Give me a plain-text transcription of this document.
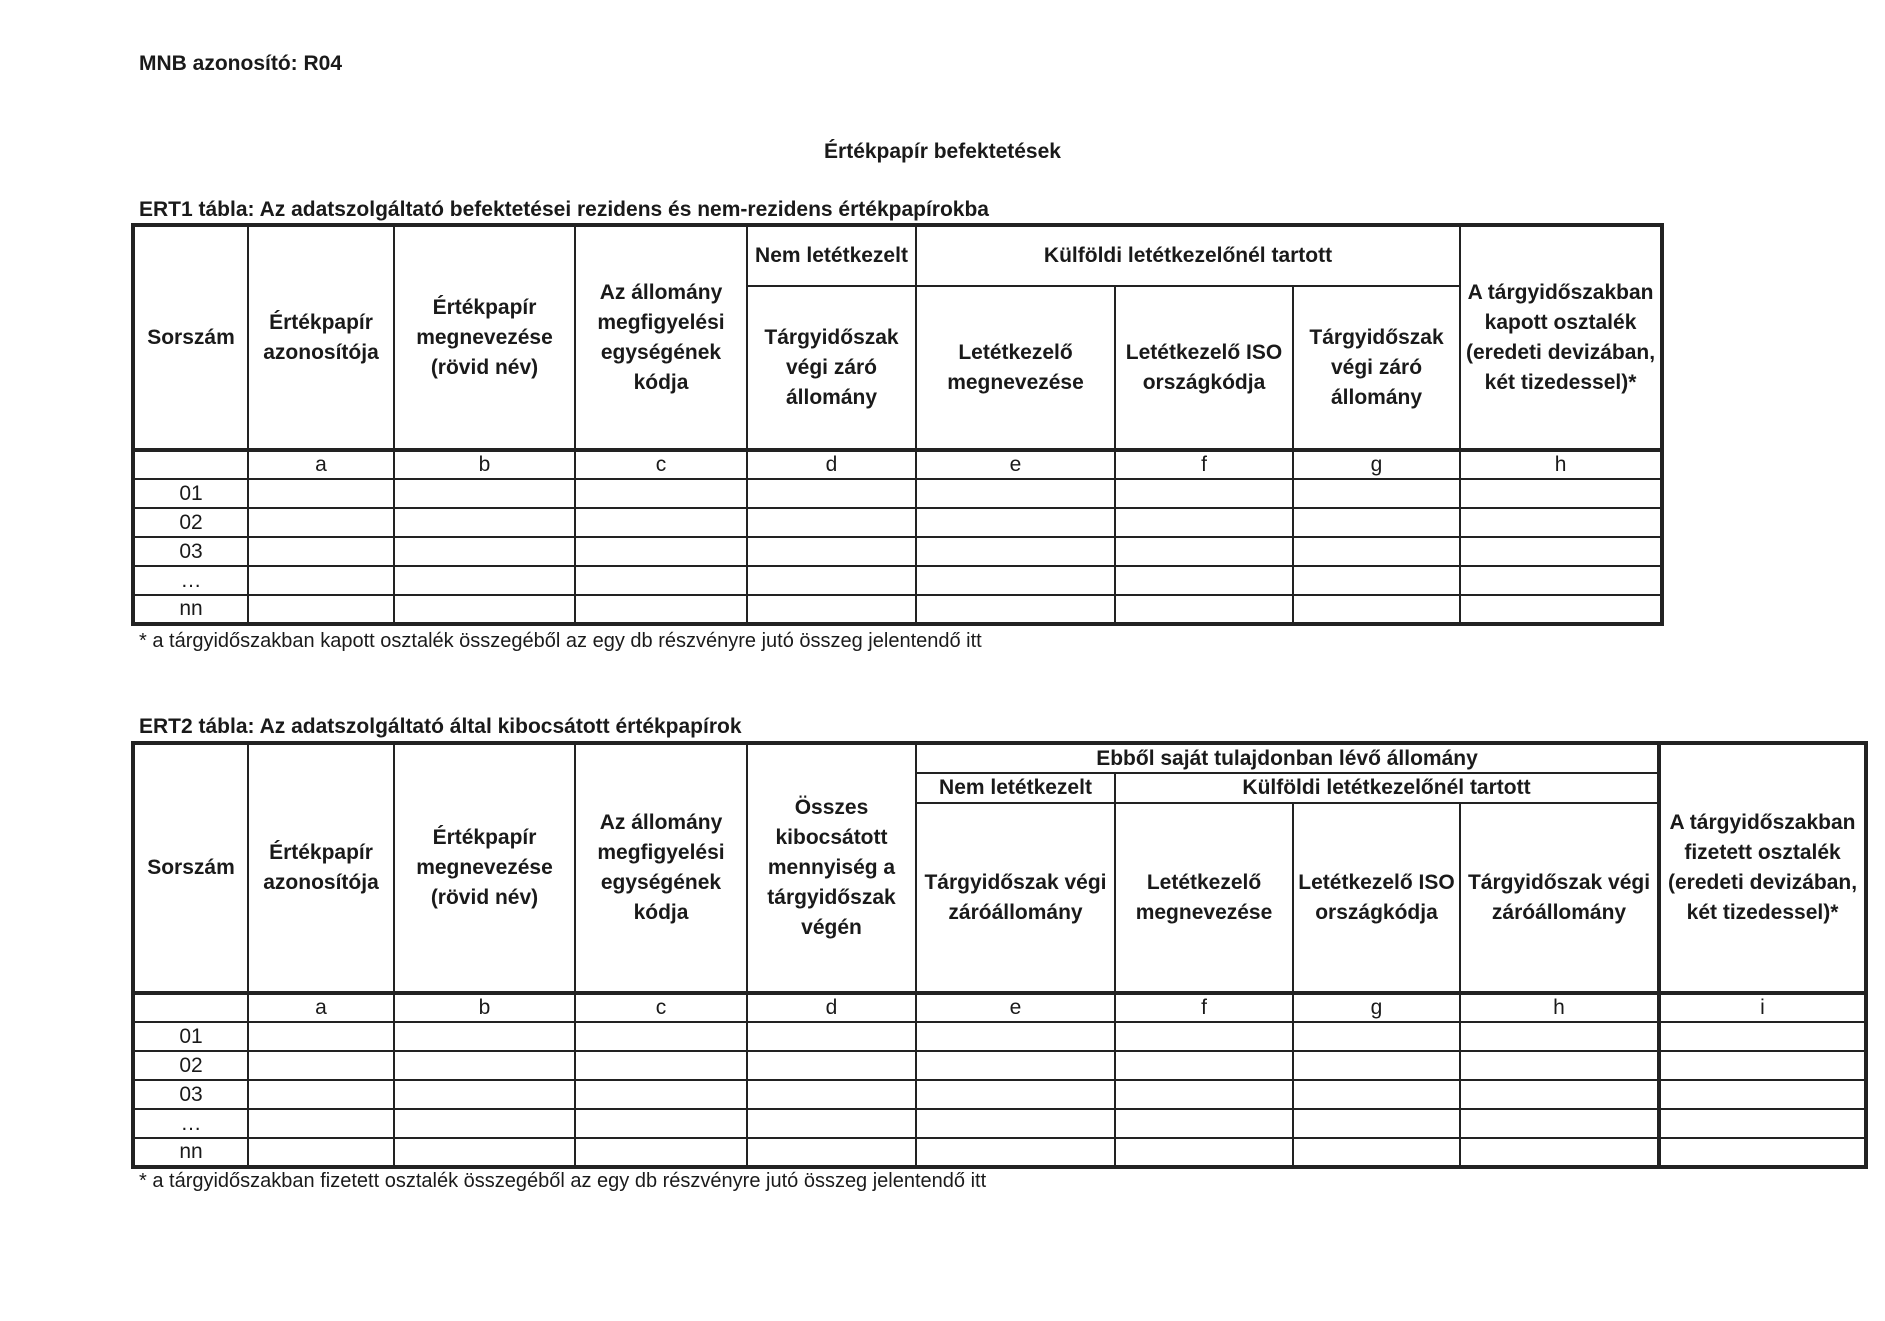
MNB azonosító: R04
Értékpapír befektetések
ERT1 tábla: Az adatszolgáltató befektetései rezidens és nem-rezidens értékpapírokba
Sorszám	Értékpapír azonosítója	Értékpapír megnevezése (rövid név)	Az állomány megfigyelési egységének kódja	Nem letétkezelt	Külföldi letétkezelőnél tartott			A tárgyidőszakban kapott osztalék (eredeti devizában, két tizedessel)*
				Tárgyidőszak végi záró állomány	Letétkezelő megnevezése	Letétkezelő ISO országkódja	Tárgyidőszak végi záró állomány	
	a	b	c	d	e	f	g	h
01								
02								
03								
…								
nn								
* a tárgyidőszakban kapott osztalék összegéből az egy db részvényre jutó összeg jelentendő itt
ERT2 tábla: Az adatszolgáltató által kibocsátott értékpapírok
Sorszám	Értékpapír azonosítója	Értékpapír megnevezése (rövid név)	Az állomány megfigyelési egységének kódja	Összes kibocsátott mennyiség a tárgyidőszak végén	Ebből saját tulajdonban lévő állomány				A tárgyidőszakban fizetett osztalék (eredeti devizában, két tizedessel)*
					Nem letétkezelt	Külföldi letétkezelőnél tartott			
					Tárgyidőszak végi záróállomány	Letétkezelő megnevezése	Letétkezelő ISO országkódja	Tárgyidőszak végi záróállomány	
	a	b	c	d	e	f	g	h	i
01									
02									
03									
…									
nn									
* a tárgyidőszakban fizetett osztalék összegéből az egy db részvényre jutó összeg jelentendő itt
